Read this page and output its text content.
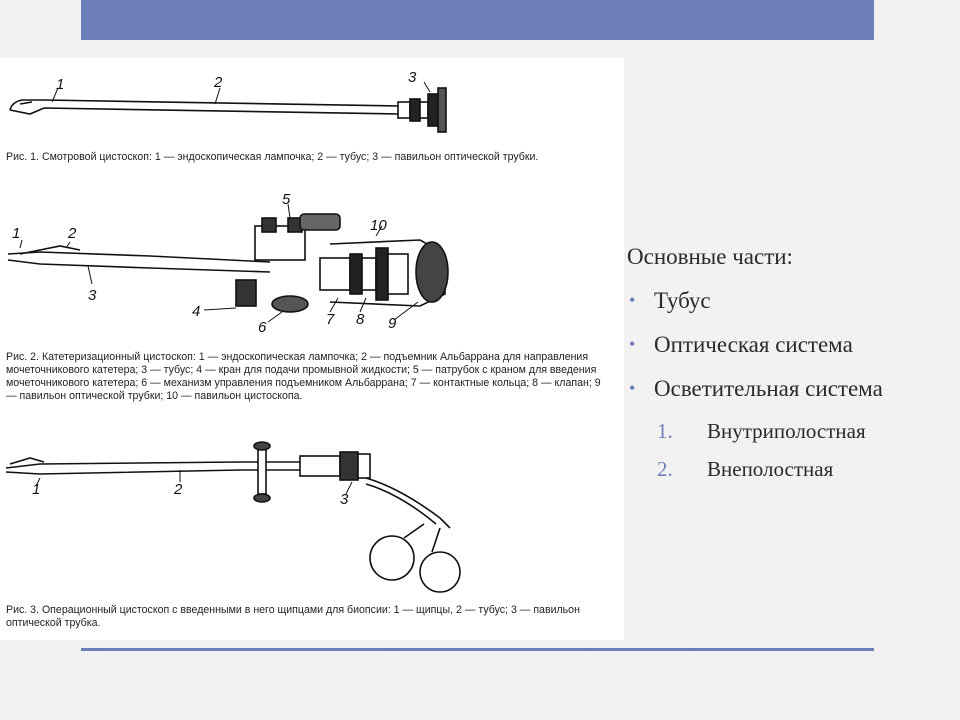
1	2	3
1	2
3
4
5
6	7 8 9
10
1	2
3

Рис. 1. Смотровой цистоскоп: 1 — эндоскопическая лампочка; 2 — тубус; 3 — павильон оптической трубки.

Рис. 2. Катетеризационный цистоскоп: 1 — эндоскопическая лампочка; 2 — подъемник Альбаррана для направления мочеточникового катетера; 3 — тубус; 4 — кран для подачи промывной жидкости; 5 — патрубок с краном для введения мочеточникового катетера; 6 — механизм управления подъемником Альбаррана; 7 — контактные кольца; 8 — клапан; 9 — павильон оптической трубки; 10 — павильон цистоскопа.

Рис. 3. Операционный цистоскоп с введенными в него щипцами для биопсии: 1 — щипцы, 2 — тубус; 3 — павильон оптической трубка.

Основные части:
• Тубус
• Оптическая система
• Осветительная система
1. Внутриполостная
2. Внеполостная
